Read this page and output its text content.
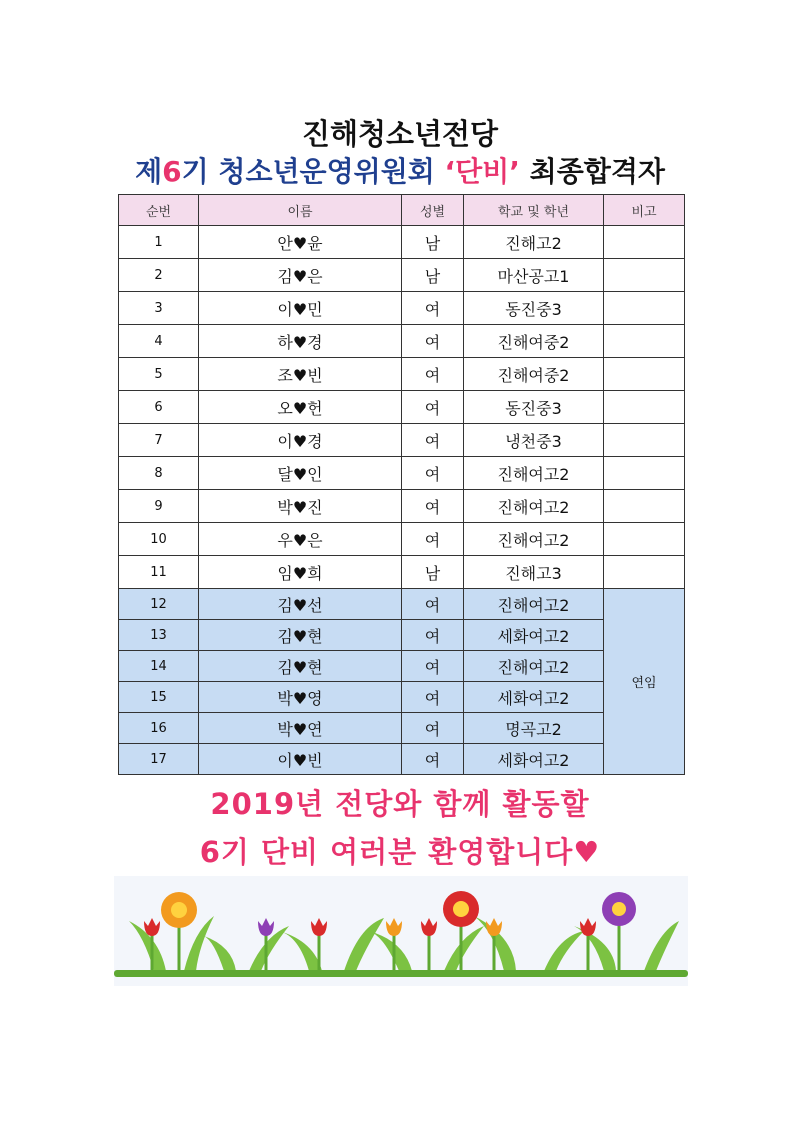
진해청소년전당
제6기 청소년운영위원회 ‘단비’ 최종합격자
순번	이름	성별	학교 및 학년	비고
1	안♥윤	남	진해고2	
2	김♥은	남	마산공고1	
3	이♥민	여	동진중3	
4	하♥경	여	진해여중2	
5	조♥빈	여	진해여중2	
6	오♥헌	여	동진중3	
7	이♥경	여	냉천중3	
8	달♥인	여	진해여고2	
9	박♥진	여	진해여고2	
10	우♥은	여	진해여고2	
11	임♥희	남	진해고3	
12	김♥선	여	진해여고2	연임
13	김♥현	여	세화여고2	
14	김♥현	여	진해여고2	
15	박♥영	여	세화여고2	
16	박♥연	여	명곡고2	
17	이♥빈	여	세화여고2	
2019년 전당와 함께 활동할
6기 단비 여러분 환영합니다♥
